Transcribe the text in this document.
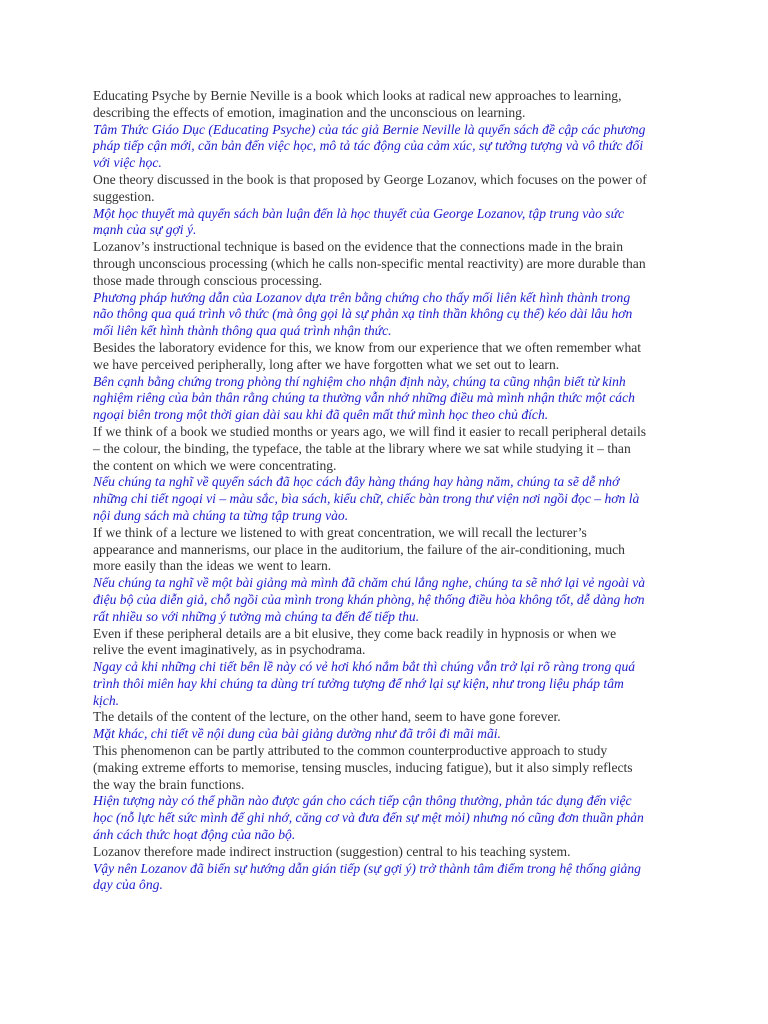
Educating Psyche by Bernie Neville is a book which looks at radical new approaches to learning, describing the effects of emotion, imagination and the unconscious on learning.

Tâm Thức Giáo Dục (Educating Psyche) của tác giả Bernie Neville là quyển sách đề cập các phương pháp tiếp cận mới, căn bản đến việc học, mô tả tác động của cảm xúc, sự tưởng tượng và vô thức đối với việc học.

One theory discussed in the book is that proposed by George Lozanov, which focuses on the power of suggestion.

Một học thuyết mà quyển sách bàn luận đến là học thuyết của George Lozanov, tập trung vào sức mạnh của sự gợi ý.

Lozanov’s instructional technique is based on the evidence that the connections made in the brain through unconscious processing (which he calls non-specific mental reactivity) are more durable than those made through conscious processing.

Phương pháp hướng dẫn của Lozanov dựa trên bằng chứng cho thấy mối liên kết hình thành trong não thông qua quá trình vô thức (mà ông gọi là sự phản xạ tinh thần không cụ thể) kéo dài lâu hơn mối liên kết hình thành thông qua quá trình nhận thức.

Besides the laboratory evidence for this, we know from our experience that we often remember what we have perceived peripherally, long after we have forgotten what we set out to learn.

Bên cạnh bằng chứng trong phòng thí nghiệm cho nhận định này, chúng ta cũng nhận biết từ kinh nghiệm riêng của bản thân rằng chúng ta thường vẫn nhớ những điều mà mình nhận thức một cách ngoại biên trong một thời gian dài sau khi đã quên mất thứ mình học theo chủ đích.

If we think of a book we studied months or years ago, we will find it easier to recall peripheral details – the colour, the binding, the typeface, the table at the library where we sat while studying it – than the content on which we were concentrating.

Nếu chúng ta nghĩ về quyển sách đã học cách đây hàng tháng hay hàng năm, chúng ta sẽ dễ nhớ những chi tiết ngoại vi – màu sắc, bìa sách, kiểu chữ, chiếc bàn trong thư viện nơi ngồi đọc – hơn là nội dung sách mà chúng ta từng tập trung vào.

If we think of a lecture we listened to with great concentration, we will recall the lecturer’s appearance and mannerisms, our place in the auditorium, the failure of the air-conditioning, much more easily than the ideas we went to learn.

Nếu chúng ta nghĩ về một bài giảng mà mình đã chăm chú lắng nghe, chúng ta sẽ nhớ lại vẻ ngoài và điệu bộ của diễn giả, chỗ ngồi của mình trong khán phòng, hệ thống điều hòa không tốt, dễ dàng hơn rất nhiều so với những ý tưởng mà chúng ta đến để tiếp thu.

Even if these peripheral details are a bit elusive, they come back readily in hypnosis or when we relive the event imaginatively, as in psychodrama.

Ngay cả khi những chi tiết bên lề này có vẻ hơi khó nắm bắt thì chúng vẫn trở lại rõ ràng trong quá trình thôi miên hay khi chúng ta dùng trí tưởng tượng để nhớ lại sự kiện, như trong liệu pháp tâm kịch.

The details of the content of the lecture, on the other hand, seem to have gone forever.

Mặt khác, chi tiết về nội dung của bài giảng dường như đã trôi đi mãi mãi.

This phenomenon can be partly attributed to the common counterproductive approach to study (making extreme efforts to memorise, tensing muscles, inducing fatigue), but it also simply reflects the way the brain functions.

Hiện tượng này có thể phần nào được gán cho cách tiếp cận thông thường, phản tác dụng đến việc học (nỗ lực hết sức mình để ghi nhớ, căng cơ và đưa đến sự mệt mỏi) nhưng nó cũng đơn thuần phản ánh cách thức hoạt động của não bộ.

Lozanov therefore made indirect instruction (suggestion) central to his teaching system.

Vậy nên Lozanov đã biến sự hướng dẫn gián tiếp (sự gợi ý) trở thành tâm điểm trong hệ thống giảng dạy của ông.
